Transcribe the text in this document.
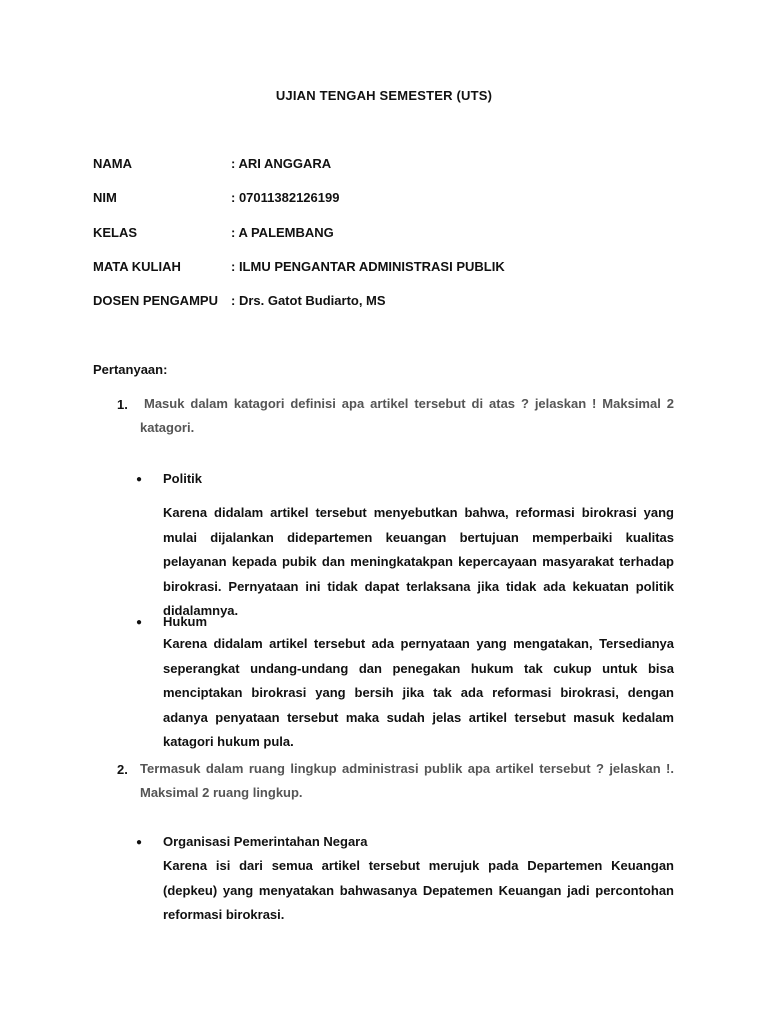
UJIAN TENGAH SEMESTER (UTS)
NAMA	: ARI ANGGARA
NIM	: 07011382126199
KELAS	: A PALEMBANG
MATA KULIAH	: ILMU PENGANTAR ADMINISTRASI PUBLIK
DOSEN PENGAMPU : Drs. Gatot Budiarto, MS
Pertanyaan:
1.	Masuk dalam katagori definisi apa artikel tersebut di atas ? jelaskan ! Maksimal 2 katagori.
● Politik
Karena didalam artikel tersebut menyebutkan bahwa, reformasi birokrasi yang mulai dijalankan didepartemen keuangan bertujuan memperbaiki kualitas pelayanan kepada pubik dan meningkatakpan kepercayaan masyarakat terhadap birokrasi. Pernyataan ini tidak dapat terlaksana jika tidak ada kekuatan politik didalamnya.
● Hukum
Karena didalam artikel tersebut ada pernyataan yang mengatakan, Tersedianya seperangkat undang-undang dan penegakan hukum tak cukup untuk bisa menciptakan birokrasi yang bersih jika tak ada reformasi birokrasi, dengan adanya penyataan tersebut maka sudah jelas artikel tersebut masuk kedalam katagori hukum pula.
2. Termasuk dalam ruang lingkup administrasi publik apa artikel tersebut ? jelaskan !. Maksimal 2 ruang lingkup.
● Organisasi Pemerintahan Negara
Karena isi dari semua artikel tersebut merujuk pada Departemen Keuangan (depkeu) yang menyatakan bahwasanya Depatemen Keuangan jadi percontohan reformasi birokrasi.
